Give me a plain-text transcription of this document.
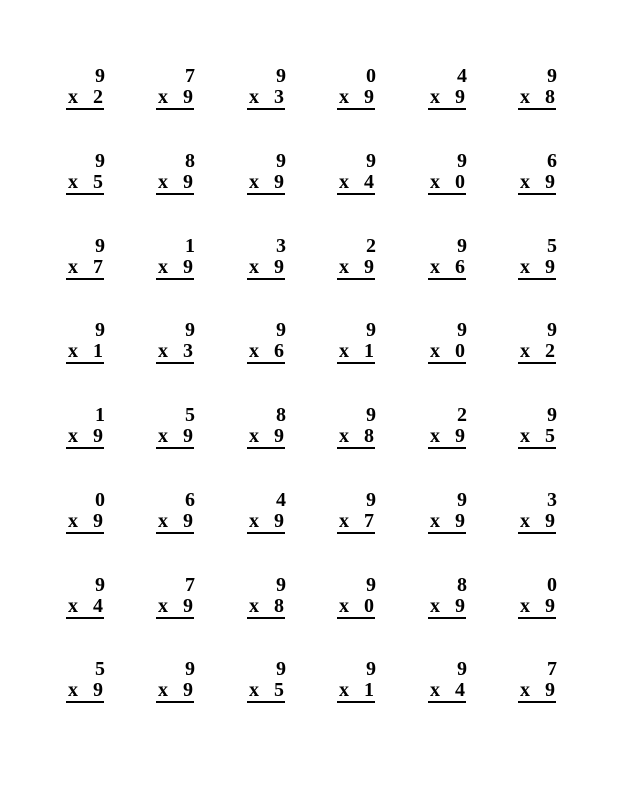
9
x 2
7
x 9
9
x 3
0
x 9
4
x 9
9
x 8
9
x 5
8
x 9
9
x 9
9
x 4
9
x 0
6
x 9
9
x 7
1
x 9
3
x 9
2
x 9
9
x 6
5
x 9
9
x 1
9
x 3
9
x 6
9
x 1
9
x 0
9
x 2
1
x 9
5
x 9
8
x 9
9
x 8
2
x 9
9
x 5
0
x 9
6
x 9
4
x 9
9
x 7
9
x 9
3
x 9
9
x 4
7
x 9
9
x 8
9
x 0
8
x 9
0
x 9
5
x 9
9
x 9
9
x 5
9
x 1
9
x 4
7
x 9
